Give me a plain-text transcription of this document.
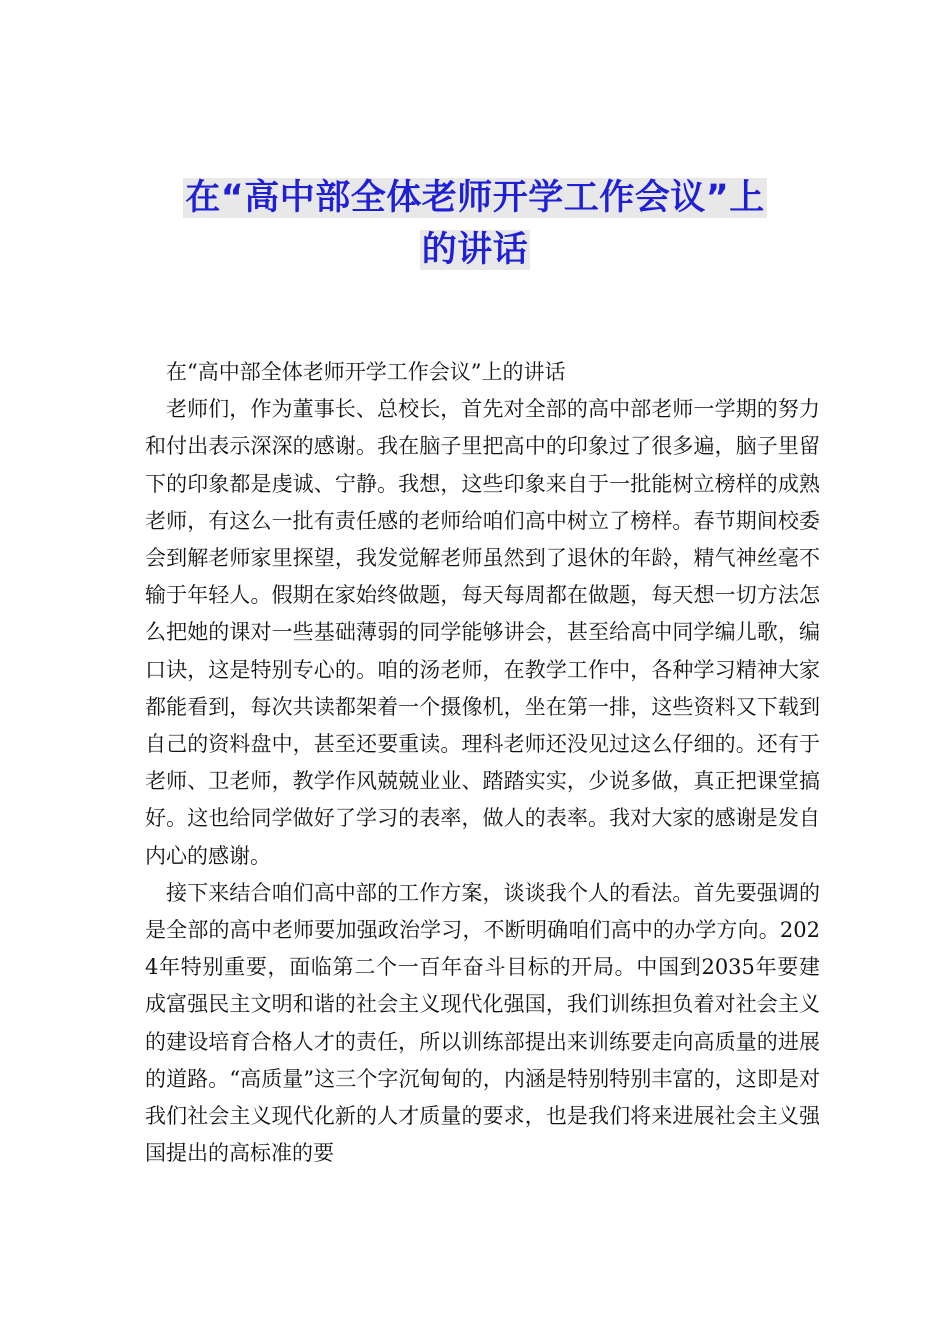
在“高中部全体老师开学工作会议”上
的讲话

在“高中部全体老师开学工作会议”上的讲话

老师们，作为董事长、总校长，首先对全部的高中部老师一学期的努力和付出表示深深的感谢。我在脑子里把高中的印象过了很多遍，脑子里留下的印象都是虔诚、宁静。我想，这些印象来自于一批能树立榜样的成熟老师，有这么一批有责任感的老师给咱们高中树立了榜样。春节期间校委会到解老师家里探望，我发觉解老师虽然到了退休的年龄，精气神丝毫不输于年轻人。假期在家始终做题，每天每周都在做题，每天想一切方法怎么把她的课对一些基础薄弱的同学能够讲会，甚至给高中同学编儿歌，编口诀，这是特别专心的。咱的汤老师，在教学工作中，各种学习精神大家都能看到，每次共读都架着一个摄像机，坐在第一排，这些资料又下载到自己的资料盘中，甚至还要重读。理科老师还没见过这么仔细的。还有于老师、卫老师，教学作风兢兢业业、踏踏实实，少说多做，真正把课堂搞好。这也给同学做好了学习的表率，做人的表率。我对大家的感谢是发自内心的感谢。

接下来结合咱们高中部的工作方案，谈谈我个人的看法。首先要强调的是全部的高中老师要加强政治学习，不断明确咱们高中的办学方向。2024年特别重要，面临第二个一百年奋斗目标的开局。中国到2035年要建成富强民主文明和谐的社会主义现代化强国，我们训练担负着对社会主义的建设培育合格人才的责任，所以训练部提出来训练要走向高质量的进展的道路。“高质量”这三个字沉甸甸的，内涵是特别特别丰富的，这即是对我们社会主义现代化新的人才质量的要求，也是我们将来进展社会主义强国提出的高标准的要
